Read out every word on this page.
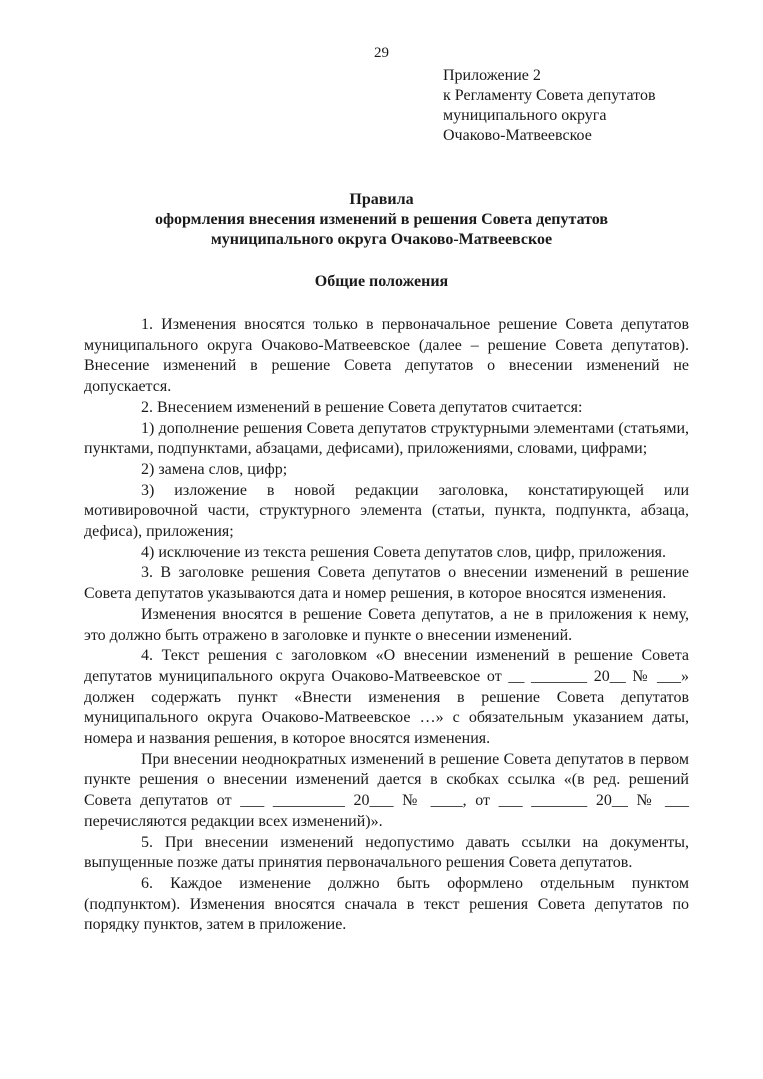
29
Приложение 2
к Регламенту Совета депутатов
муниципального округа
Очаково-Матвеевское
Правила
оформления внесения изменений в решения Совета депутатов
муниципального округа Очаково-Матвеевское
Общие положения

1. Изменения вносятся только в первоначальное решение Совета депутатов муниципального округа Очаково-Матвеевское (далее – решение Совета депутатов). Внесение изменений в решение Совета депутатов о внесении изменений не допускается.

2. Внесением изменений в решение Совета депутатов считается:

1) дополнение решения Совета депутатов структурными элементами (статьями, пунктами, подпунктами, абзацами, дефисами), приложениями, словами, цифрами;

2) замена слов, цифр;

3) изложение в новой редакции заголовка, констатирующей или мотивировочной части, структурного элемента (статьи, пункта, подпункта, абзаца, дефиса), приложения;

4) исключение из текста решения Совета депутатов слов, цифр, приложения.

3. В заголовке решения Совета депутатов о внесении изменений в решение Совета депутатов указываются дата и номер решения, в которое вносятся изменения.

Изменения вносятся в решение Совета депутатов, а не в приложения к нему, это должно быть отражено в заголовке и пункте о внесении изменений.

4. Текст решения с заголовком «О внесении изменений в решение Совета депутатов муниципального округа Очаково-Матвеевское от __ _______ 20__ № ___» должен содержать пункт «Внести изменения в решение Совета депутатов муниципального округа Очаково-Матвеевское …» с обязательным указанием даты, номера и названия решения, в которое вносятся изменения.

При внесении неоднократных изменений в решение Совета депутатов в первом пункте решения о внесении изменений дается в скобках ссылка «(в ред. решений Совета депутатов от ___ _________ 20___ № ____, от ___ _______ 20__ № ___ перечисляются редакции всех изменений)».

5. При внесении изменений недопустимо давать ссылки на документы, выпущенные позже даты принятия первоначального решения Совета депутатов.

6. Каждое изменение должно быть оформлено отдельным пунктом (подпунктом). Изменения вносятся сначала в текст решения Совета депутатов по порядку пунктов, затем в приложение.
